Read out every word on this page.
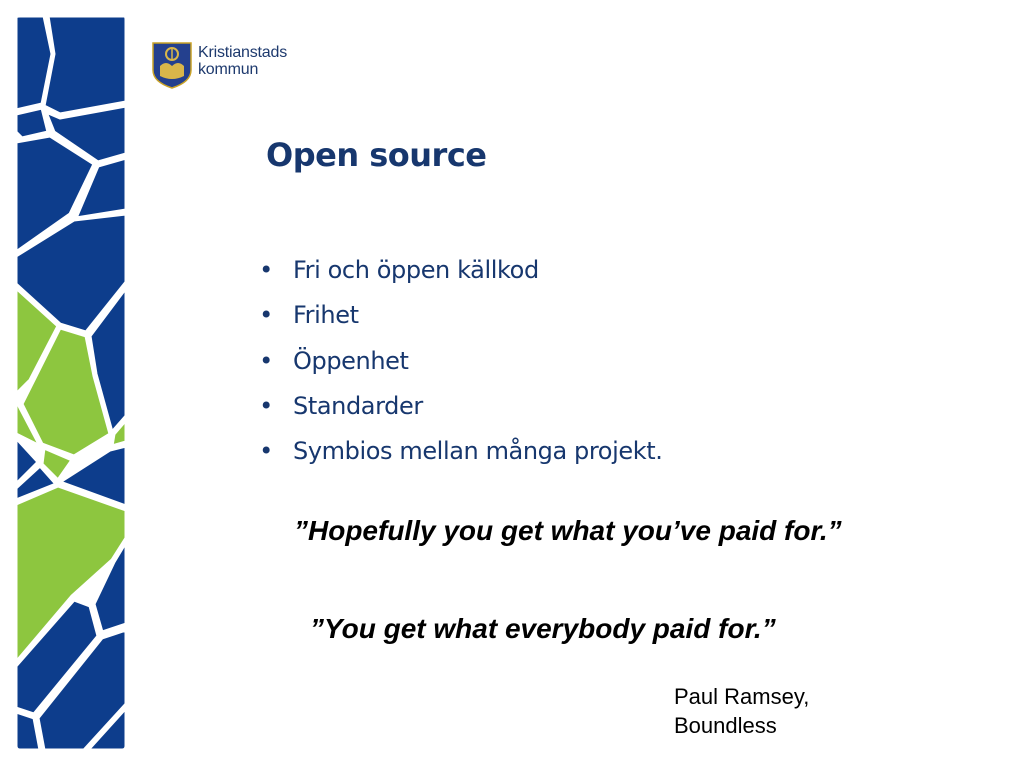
Kristianstads
kommun
Open source
• Fri och öppen källkod
• Frihet
• Öppenhet
• Standarder
• Symbios mellan många projekt.

”Hopefully you get what you’ve paid for.”

”You get what everybody paid for.”

Paul Ramsey,
Boundless
